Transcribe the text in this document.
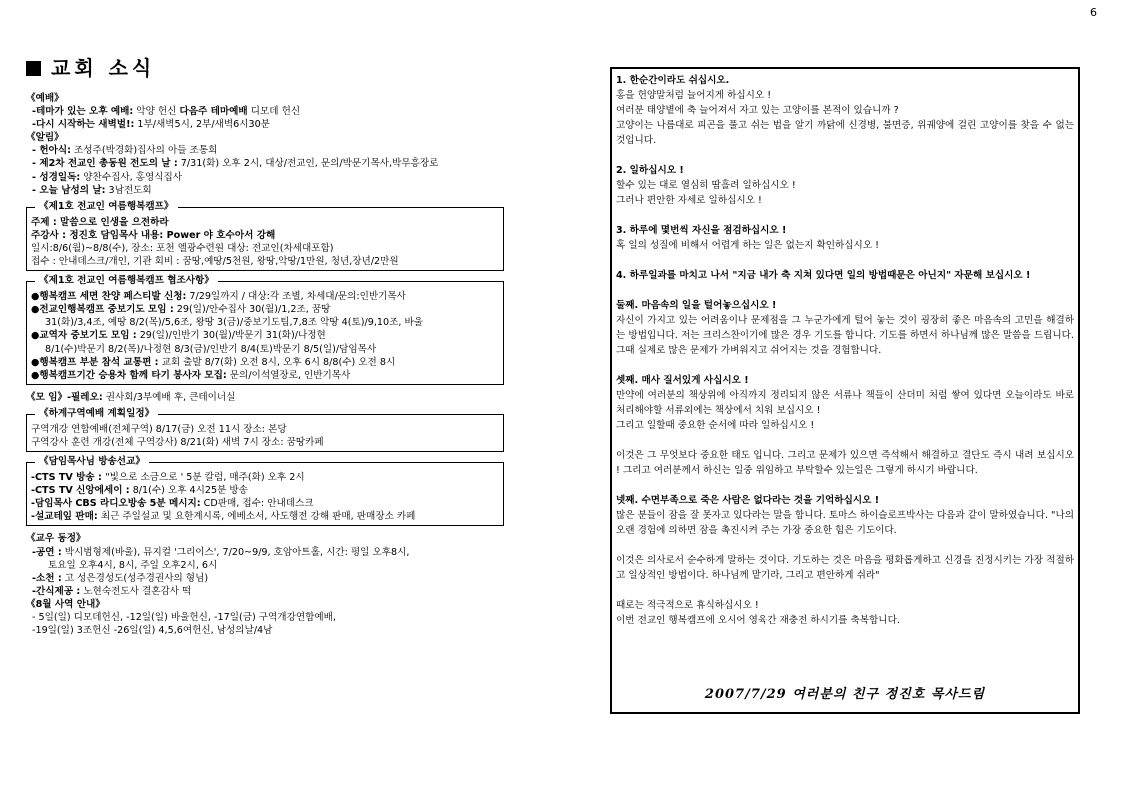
6
교회 소식
《예배》
-테마가 있는 오후 예배: 악양 헌신 다음주 테마예배 디모데 헌신
-다시 시작하는 새벽벌!: 1부/새벽5시, 2부/새벽6시30분
《알림》
- 헌아식: 조성주(박경화)집사의 아들 조통희
- 제2차 전교인 총동원 전도의 날 : 7/31(화) 오후 2시, 대상/전교인, 문의/박문기목사,박무흥장로
- 성경일독: 양찬수집사, 홍영식집사
- 오늘 남성의 날: 3남전도회
《제1호 전교인 여름행복캠프》
주제 : 말씀으로 인생을 으전하라
주강사 : 정진호 담임목사 내용: Power 야 호수아서 강해
일시:8/6(월)~8/8(수), 장소: 포천 엘광수련원 대상: 전교인(차세대포함)
접수 : 안내데스크/개인, 기관 회비 : 꿈땅,예땅/5천원, 왕땅,악땅/1만원, 청년,장년/2만원
《제1호 전교인 여름행복캠프 협조사항》
●행복캠프 세면 찬양 페스티발 신청: 7/29일까지 / 대상:각 조별, 차세대/문의:인반기목사
●전교인행복캠프 중보기도 모임 : 29(일)/안수집사 30(월)/1,2조, 꿈땅
31(화)/3,4조, 예땅 8/2(목)/5,6조, 왕땅 3(금)/중보기도팀,7,8조 악땅 4(토)/9,10조, 바울
●교역자 중보기도 모임 : 29(일)/인반기 30(월)/박문기 31(화)/나정현
8/1(수)박문기 8/2(목)/나정현 8/3(금)/인반기 8/4(토)박문기 8/5(일)/담임목사
●행복캠프 부분 참석 교통편 : 교회 출발 8/7(화) 오전 8시, 오후 6시 8/8(수) 오전 8시
●행복캠프기간 승용차 함께 타기 봉사자 모집: 문의/이석열장로, 인반기목사
《모 임》-필레오: 권사회/3부예배 후, 큰테이너실
《하계구역예배 계획일정》
구역개강 연합예배(전체구역) 8/17(금) 오전 11시 장소: 본당
구역강사 훈련 개강(전체 구역강사) 8/21(화) 새벽 7시 장소: 꿈땅카페
《담임목사님 방송선교》
-CTS TV 방송 : "빛으로 소금으로 ' 5분 칼럼, 매주(화) 오후 2시
-CTS TV 신앙에세이 : 8/1(수) 오후 4시25분 방송
-담임목사 CBS 라디오방송 5분 메시지: CD판매, 접수: 안내데스크
-설교테잎 판매: 최근 주일설교 및 요한계시록, 에베소서, 사도행전 강해 판매, 판매장소 카페
《교우 동정》
-공연 : 박시범형제(바울), 뮤지컬 '그리이스', 7/20~9/9, 호암아트홀, 시간: 평일 오후8시,
토요일 오후4시, 8시, 주일 오후2시, 6시
-소천 : 고 성은경성도(성주경권사의 형님)
-간식제공 : 노현숙전도사 결혼감사 떡
《8월 사역 안내》
- 5일(일) 디모데헌신, -12일(일) 바울헌신, -17일(금) 구역개강연합예배,
-19일(일) 3조헌신 -26일(일) 4,5,6여헌신, 남성의날/4남

1. 한순간이라도 쉬십시오.

홍을 헌양말처럼 늘어지게 하십시오 !

여러분 태양볕에 축 늘어져서 자고 있는 고양이를 본적이 있습니까 ?

고양이는 나름대로 피곤을 풀고 쉬는 법을 알기 까닭에 신경병, 불면증, 위궤양에 걸린 고양이를 찾을 수 없는 것입니다.

2. 일하십시오 !

할수 있는 대로 열심히 땀흘려 일하십시오 !

그러나 편안한 자세로 일하십시오 !

3. 하루에 몇번씩 자신을 점검하십시오 !

혹 일의 성질에 비해서 어렵게 하는 일은 없는지 확인하십시오 !

4. 하루일과를 마치고 나서 "지금 내가 축 지쳐 있다면 일의 방법때문은 아닌지" 자문해 보십시오 !

둘째. 마음속의 일을 털어놓으십시오 !

자신이 가지고 있는 어려움이나 문제점을 그 누군가에게 털어 놓는 것이 굉장히 좋은 마음속의 고민을 해결하는 방법입니다. 저는 크리스찬이기에 많은 경우 기도를 합니다. 기도를 하면서 하나님께 많은 말씀을 드립니다. 그때 실제로 많은 문제가 가벼워지고 쉬어지는 것을 경험합니다.

셋째. 매사 질서있게 사십시오 !

만약에 여러분의 책상위에 아직까지 정리되지 않은 서류나 책들이 산더미 처럼 쌓여 있다면 오늘이라도 바로 처리해야할 서류외에는 책상에서 치워 보십시오 !

그리고 일할때 중요한 순서에 따라 일하십시오 !

이것은 그 무엇보다 중요한 태도 입니다. 그리고 문제가 있으면 즉석해서 해결하고 결단도 즉시 내려 보십시오 ! 그리고 여러분께서 하신는 일중 위임하고 부탁할수 있는일은 그렇게 하시기 바랍니다.

넷째. 수면부족으로 죽은 사람은 없다라는 것을 기억하십시오 !

많은 분들이 잠을 잘 못자고 있다라는 말을 합니다. 토마스 하이슬로프박사는 다음과 같이 말하였습니다. "나의 오랜 경험에 의하면 잠을 촉진시켜 주는 가장 중요한 힘은 기도이다.

이것은 의사로서 순수하게 말하는 것이다. 기도하는 것은 마음을 평화롭게하고 신경을 진정시키는 가장 적절하고 일상적인 방법이다. 하나님께 맡기라, 그리고 편안하게 쉬라"

때로는 적극적으로 휴식하십시오 !

이번 전교인 행복캠프에 오시어 영육간 재충전 하시기를 축복합니다.

2007/7/29 여러분의 친구 정진호 목사드림
